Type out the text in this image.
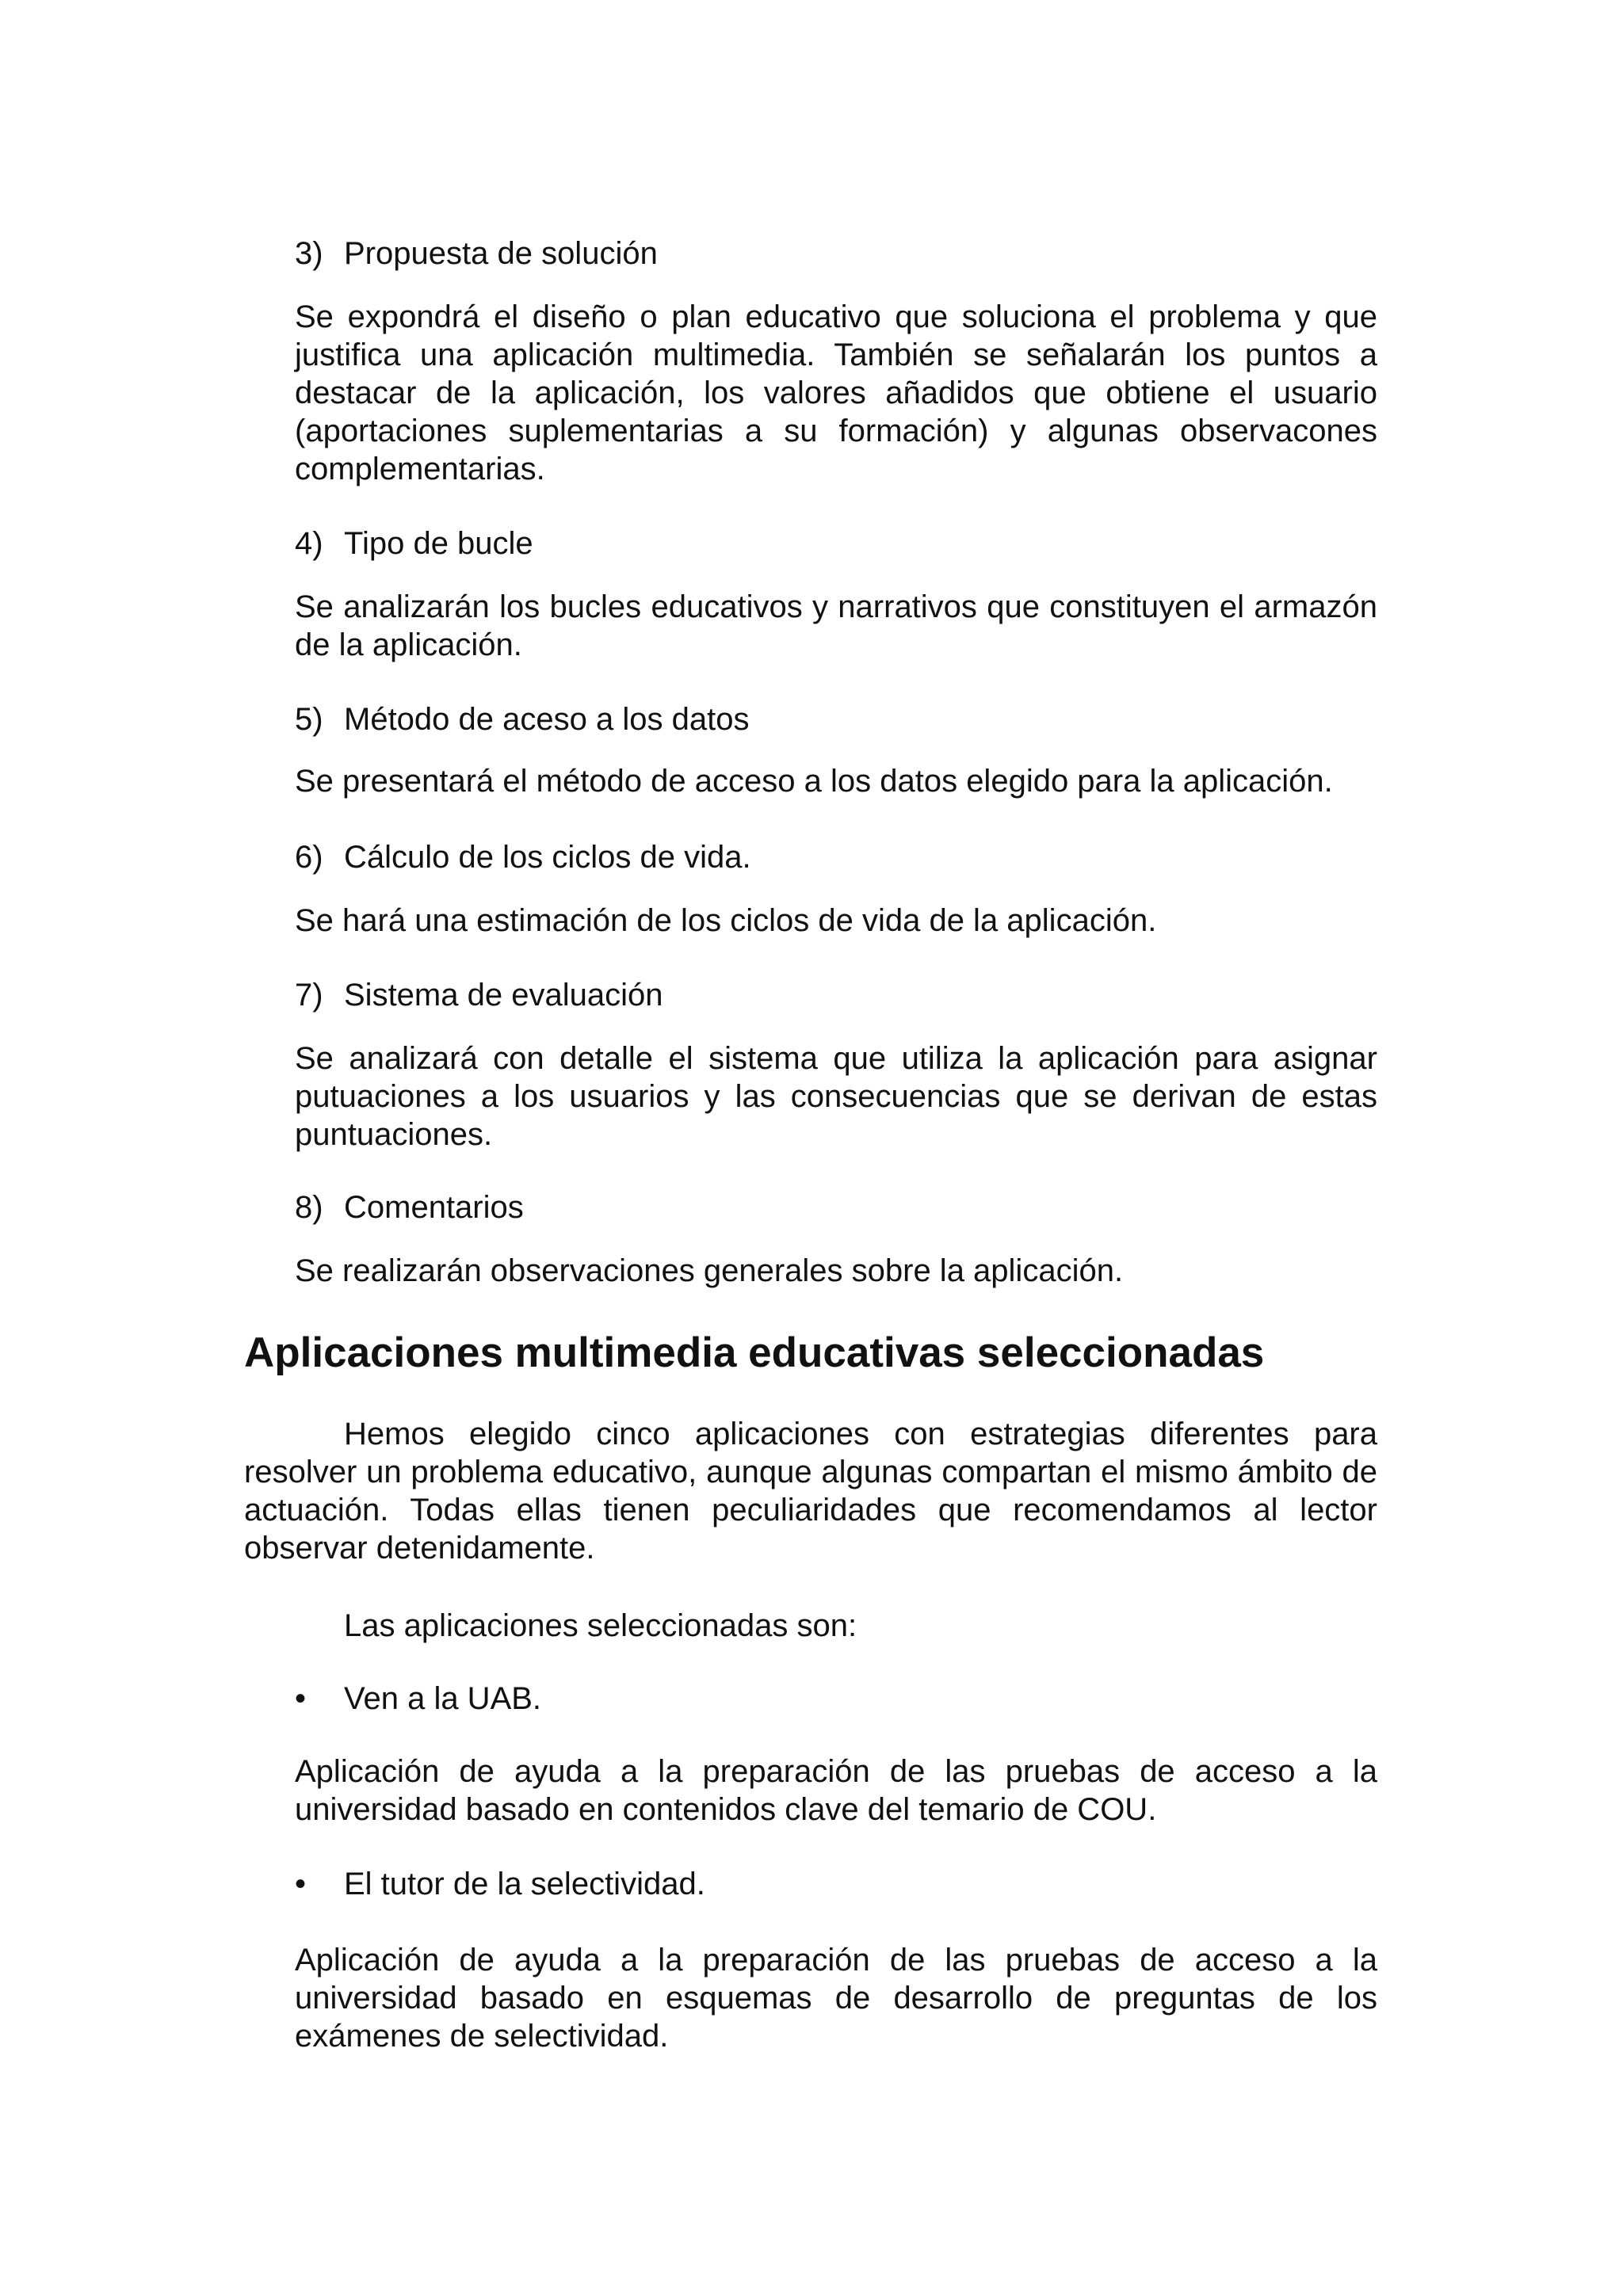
3) Propuesta de solución

Se expondrá el diseño o plan educativo que soluciona el problema y que justifica una aplicación multimedia. También se señalarán los puntos a destacar de la aplicación, los valores añadidos que obtiene el usuario (aportaciones suplementarias a su formación) y algunas observacones complementarias.

4) Tipo de bucle

Se analizarán los bucles educativos y narrativos que constituyen el armazón de la aplicación.

5) Método de aceso a los datos

Se presentará el método de acceso a los datos elegido para la aplicación.

6) Cálculo de los ciclos de vida.

Se hará una estimación de los ciclos de vida de la aplicación.

7) Sistema de evaluación

Se analizará con detalle el sistema que utiliza la aplicación para asignar putuaciones a los usuarios y las consecuencias que se derivan de estas puntuaciones.

8) Comentarios

Se realizarán observaciones generales sobre la aplicación.

Aplicaciones multimedia educativas seleccionadas

Hemos elegido cinco aplicaciones con estrategias diferentes para resolver un problema educativo, aunque algunas compartan el mismo ámbito de actuación. Todas ellas tienen peculiaridades que recomendamos al lector observar detenidamente.

Las aplicaciones seleccionadas son:

• Ven a la UAB.

Aplicación de ayuda a la preparación de las pruebas de acceso a la universidad basado en contenidos clave del temario de COU.

• El tutor de la selectividad.

Aplicación de ayuda a la preparación de las pruebas de acceso a la universidad basado en esquemas de desarrollo de preguntas de los exámenes de selectividad.
